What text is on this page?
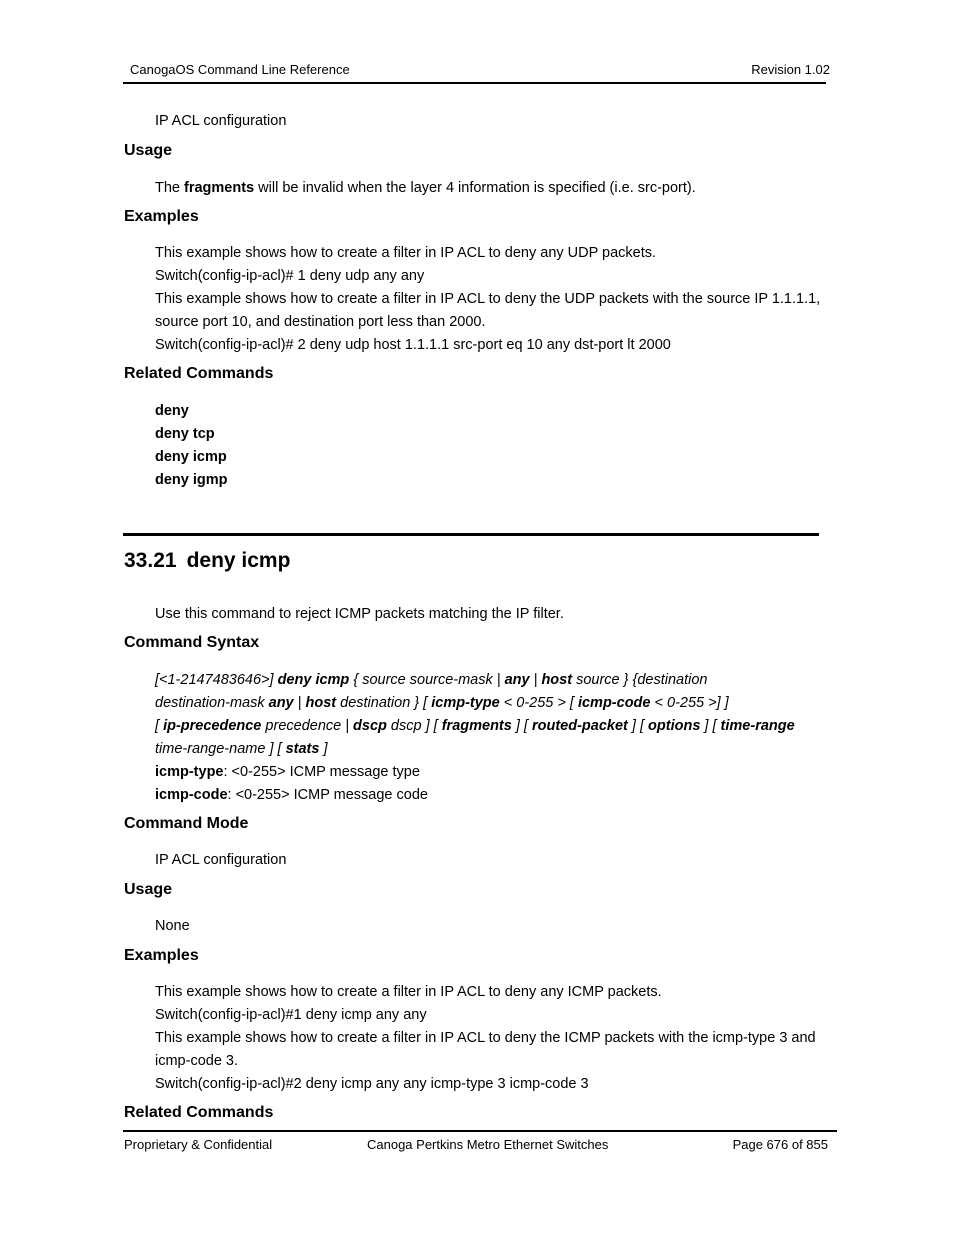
CanogaOS Command Line Reference	Revision 1.02
IP ACL configuration
Usage
The fragments will be invalid when the layer 4 information is specified (i.e. src-port).
Examples
This example shows how to create a filter in IP ACL to deny any UDP packets.
Switch(config-ip-acl)# 1 deny udp any any
This example shows how to create a filter in IP ACL to deny the UDP packets with the source IP 1.1.1.1,
source port 10, and destination port less than 2000.
Switch(config-ip-acl)# 2 deny udp host 1.1.1.1 src-port eq 10 any dst-port lt 2000
Related Commands
deny
deny tcp
deny icmp
deny igmp
33.21 deny icmp
Use this command to reject ICMP packets matching the IP filter.
Command Syntax
[<1-2147483646>] deny icmp { source source-mask | any | host source } {destination
destination-mask any | host destination } [ icmp-type < 0-255 > [ icmp-code < 0-255 >] ]
[ ip-precedence precedence | dscp dscp ] [ fragments ] [ routed-packet ] [ options ] [ time-range
time-range-name ] [ stats ]
icmp-type: <0-255> ICMP message type
icmp-code: <0-255> ICMP message code
Command Mode
IP ACL configuration
Usage
None
Examples
This example shows how to create a filter in IP ACL to deny any ICMP packets.
Switch(config-ip-acl)#1 deny icmp any any
This example shows how to create a filter in IP ACL to deny the ICMP packets with the icmp-type 3 and
icmp-code 3.
Switch(config-ip-acl)#2 deny icmp any any icmp-type 3 icmp-code 3
Related Commands
Proprietary & Confidential	Canoga Pertkins Metro Ethernet Switches	Page 676 of 855
